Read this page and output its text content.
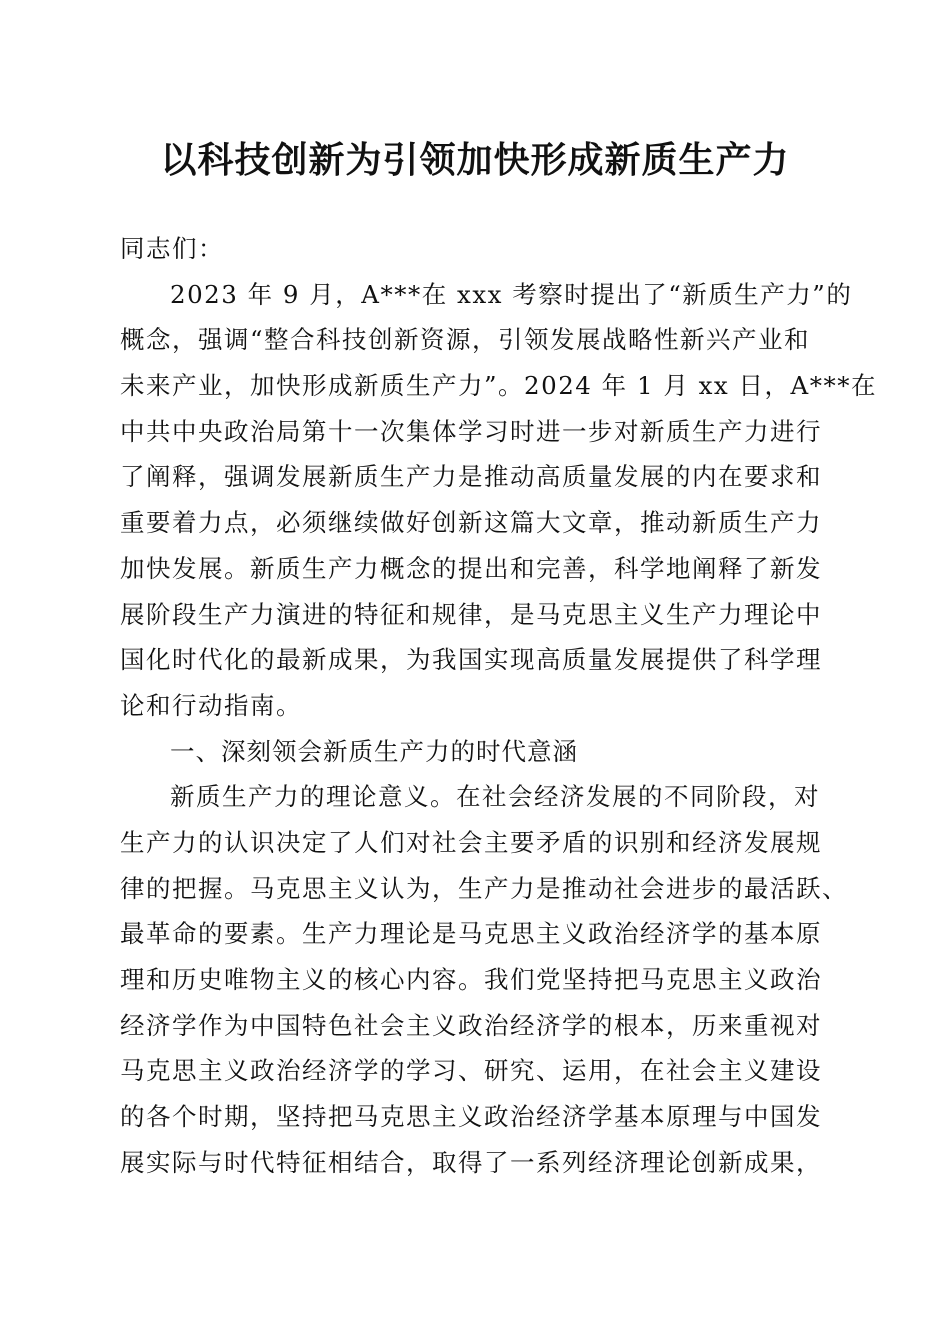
以科技创新为引领加快形成新质生产力
同志们：
2023 年 9 月，A***在 xxx 考察时提出了“新质生产力”的
概念，强调“整合科技创新资源，引领发展战略性新兴产业和
未来产业，加快形成新质生产力”。2024 年 1 月 xx 日，A***在
中共中央政治局第十一次集体学习时进一步对新质生产力进行
了阐释，强调发展新质生产力是推动高质量发展的内在要求和
重要着力点，必须继续做好创新这篇大文章，推动新质生产力
加快发展。新质生产力概念的提出和完善，科学地阐释了新发
展阶段生产力演进的特征和规律，是马克思主义生产力理论中
国化时代化的最新成果，为我国实现高质量发展提供了科学理
论和行动指南。
一、深刻领会新质生产力的时代意涵
新质生产力的理论意义。在社会经济发展的不同阶段，对
生产力的认识决定了人们对社会主要矛盾的识别和经济发展规
律的把握。马克思主义认为，生产力是推动社会进步的最活跃、
最革命的要素。生产力理论是马克思主义政治经济学的基本原
理和历史唯物主义的核心内容。我们党坚持把马克思主义政治
经济学作为中国特色社会主义政治经济学的根本，历来重视对
马克思主义政治经济学的学习、研究、运用，在社会主义建设
的各个时期，坚持把马克思主义政治经济学基本原理与中国发
展实际与时代特征相结合，取得了一系列经济理论创新成果，
